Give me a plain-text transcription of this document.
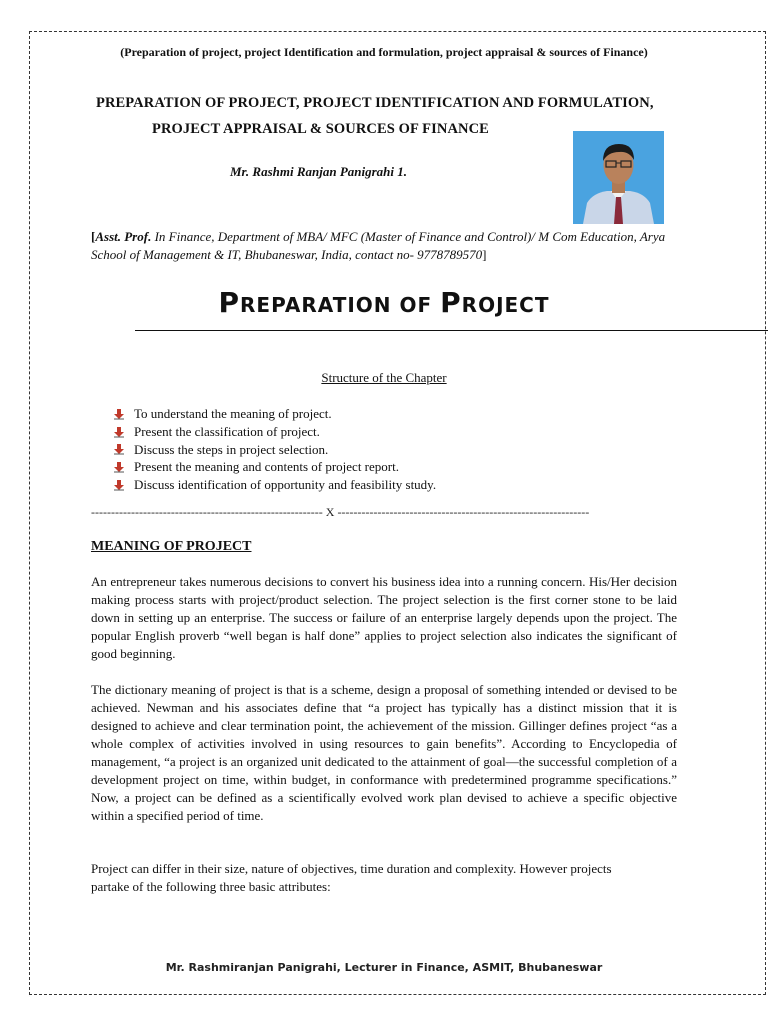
(Preparation of project, project Identification and formulation, project appraisal & sources of Finance)
PREPARATION OF PROJECT, PROJECT IDENTIFICATION AND FORMULATION,
PROJECT APPRAISAL & SOURCES OF FINANCE
Mr. Rashmi Ranjan Panigrahi 1.
[Asst. Prof. In Finance, Department of MBA/ MFC (Master of Finance and Control)/ M Com Education, Arya School of Management & IT, Bhubaneswar, India, contact no- 9778789570]
PREPARATION OF PROJECT
Structure of the Chapter
To understand the meaning of project.
Present the classification of project.
Discuss the steps in project selection.
Present the meaning and contents of project report.
Discuss identification of opportunity and feasibility study.
---------------------------------------------------------- X ---------------------------------------------------------------
MEANING OF PROJECT

An entrepreneur takes numerous decisions to convert his business idea into a running concern. His/Her decision making process starts with project/product selection. The project selection is the first corner stone to be laid down in setting up an enterprise. The success or failure of an enterprise largely depends upon the project. The popular English proverb “well began is half done” applies to project selection also indicates the significant of good beginning.

The dictionary meaning of project is that is a scheme, design a proposal of something intended or devised to be achieved. Newman and his associates define that “a project has typically has a distinct mission that it is designed to achieve and clear termination point, the achievement of the mission. Gillinger defines project “as a whole complex of activities involved in using resources to gain benefits”. According to Encyclopedia of management, “a project is an organized unit dedicated to the attainment of goal—the successful completion of a development project on time, within budget, in conformance with predetermined programme specifications.” Now, a project can be defined as a scientifically evolved work plan devised to achieve a specific objective within a specified period of time.

Project can differ in their size, nature of objectives, time duration and complexity. However projects partake of the following three basic attributes:

Mr. Rashmiranjan Panigrahi, Lecturer in Finance, ASMIT, Bhubaneswar
